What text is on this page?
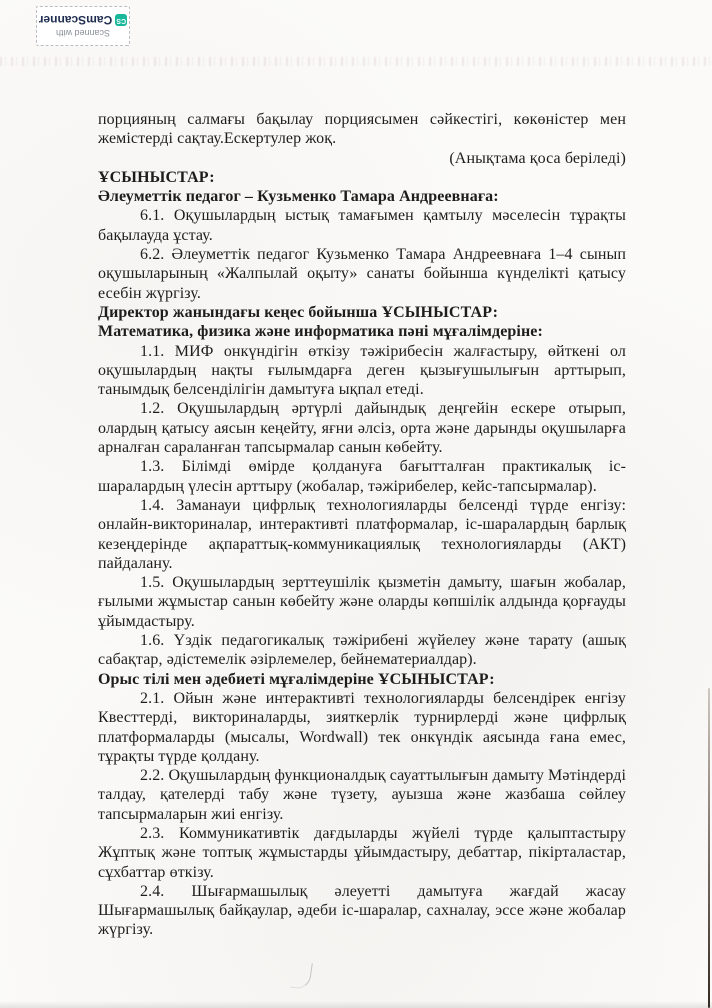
Scanned with
CS
CamScanner

порцияның салмағы бақылау порциясымен сәйкестігі, көкөністер мен жемістерді сақтау.Ескертулер жоқ.

(Анықтама қоса беріледі)

ҰСЫНЫСТАР:

Әлеуметтік педагог – Кузьменко Тамара Андреевнаға:

6.1. Оқушылардың ыстық тамағымен қамтылу мәселесін тұрақты бақылауда ұстау.

6.2. Әлеуметтік педагог Кузьменко Тамара Андреевнаға 1–4 сынып оқушыларының «Жалпылай оқыту» санаты бойынша күнделікті қатысу есебін жүргізу.

Директор жанындағы кеңес бойынша ҰСЫНЫСТАР:

Математика, физика және информатика пәні мұғалімдеріне:

1.1. МИФ онкүндігін өткізу тәжірибесін жалғастыру, өйткені ол оқушылардың нақты ғылымдарға деген қызығушылығын арттырып, танымдық белсенділігін дамытуға ықпал етеді.

1.2. Оқушылардың әртүрлі дайындық деңгейін ескере отырып, олардың қатысу аясын кеңейту, яғни әлсіз, орта және дарынды оқушыларға арналған сараланған тапсырмалар санын көбейту.

1.3. Білімді өмірде қолдануға бағытталған практикалық іс-шаралардың үлесін арттыру (жобалар, тәжірибелер, кейс-тапсырмалар).

1.4. Заманауи цифрлық технологияларды белсенді түрде енгізу: онлайн-викториналар, интерактивті платформалар, іс-шаралардың барлық кезеңдерінде ақпараттық-коммуникациялық технологияларды (АКТ) пайдалану.

1.5. Оқушылардың зерттеушілік қызметін дамыту, шағын жобалар, ғылыми жұмыстар санын көбейту және оларды көпшілік алдында қорғауды ұйымдастыру.

1.6. Үздік педагогикалық тәжірибені жүйелеу және тарату (ашық сабақтар, әдістемелік әзірлемелер, бейнематериалдар).

Орыс тілі мен әдебиеті мұғалімдеріне ҰСЫНЫСТАР:

2.1. Ойын және интерактивті технологияларды белсендірек енгізу Квесттерді, викториналарды, зияткерлік турнирлерді және цифрлық платформаларды (мысалы, Wordwall) тек онкүндік аясында ғана емес, тұрақты түрде қолдану.

2.2. Оқушылардың функционалдық сауаттылығын дамыту Мәтіндерді талдау, қателерді табу және түзету, ауызша және жазбаша сөйлеу тапсырмаларын жиі енгізу.

2.3. Коммуникативтік дағдыларды жүйелі түрде қалыптастыру Жұптық және топтық жұмыстарды ұйымдастыру, дебаттар, пікірталастар, сұхбаттар өткізу.

2.4. Шығармашылық әлеуетті дамытуға жағдай жасау Шығармашылық байқаулар, әдеби іс-шаралар, сахналау, эссе және жобалар жүргізу.
